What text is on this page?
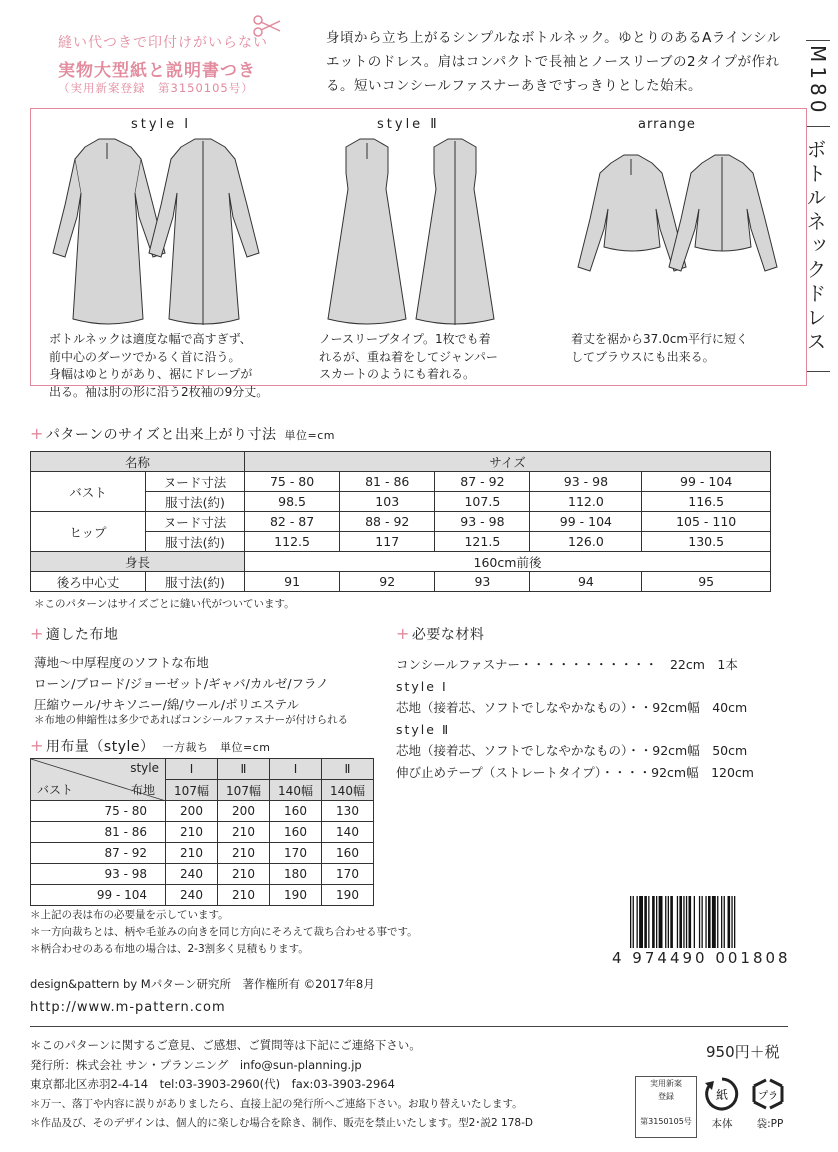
縫い代つきで印付けがいらない
実物大型紙と説明書つき
（実用新案登録　第3150105号）
身頃から立ち上がるシンプルなボトルネック。ゆとりのあるAラインシルエットのドレス。肩はコンパクトで長袖とノースリーブの2タイプが作れる。短いコンシールファスナーあきですっきりとした始末。	M180
ボトルネックドレス
style Ⅰ	style Ⅱ	arrange
ボトルネックは適度な幅で高すぎず、
前中心のダーツでかるく首に沿う。
身幅はゆとりがあり、裾にドレープが
出る。袖は肘の形に沿う2枚袖の9分丈。
ノースリーブタイプ。1枚でも着
れるが、重ね着をしてジャンパー
スカートのようにも着れる。
着丈を裾から37.0cm平行に短く
してブラウスにも出来る。
+ パターンのサイズと出来上がり寸法 単位=cm
名称		サイズ				
バスト	ヌード寸法	75 - 80	81 - 86	87 - 92	93 - 98	99 - 104
	服寸法(約)	98.5	103	107.5	112.0	116.5
ヒップ	ヌード寸法	82 - 87	88 - 92	93 - 98	99 - 104	105 - 110
	服寸法(約)	112.5	117	121.5	126.0	130.5
身長		160cm前後				
後ろ中心丈	服寸法(約)	91	92	93	94	95
＊このパターンはサイズごとに縫い代がついています。
+ 適した布地
薄地～中厚程度のソフトな布地
ローン/ブロード/ジョーゼット/ギャバ/カルゼ/フラノ
圧縮ウール/サキソニー/綿/ウール/ポリエステル
＊布地の伸縮性は多少であればコンシールファスナーが付けられる
+ 用布量（style） 一方裁ち　単位=cm
style
バスト 布地	Ⅰ	Ⅱ	Ⅰ	Ⅱ
	107幅	107幅	140幅	140幅
75 - 80	200	200	160	130
81 - 86	210	210	160	140
87 - 92	210	210	170	160
93 - 98	240	210	180	170
99 - 104	240	210	190	190
＊上記の表は布の必要量を示しています。
＊一方向裁ちとは、柄や毛並みの向きを同じ方向にそろえて裁ち合わせる事です。
＊柄合わせのある布地の場合は、2-3割多く見積もります。
+ 必要な材料
コンシールファスナー・・・・・・・・・・・　22cm　1本
style Ⅰ
芯地（接着芯、ソフトでしなやかなもの）・・92cm幅　40cm
style Ⅱ
芯地（接着芯、ソフトでしなやかなもの）・・92cm幅　50cm
伸び止めテープ（ストレートタイプ）・・・・92cm幅　120cm
4 974490 001808
design&pattern by Mパターン研究所　著作権所有 ©2017年8月
http://www.m-pattern.com
＊このパターンに関するご意見、ご感想、ご質問等は下記にご連絡下さい。
発行所：株式会社 サン・プランニング　info@sun-planning.jp
東京都北区赤羽2-4-14　tel:03-3903-2960(代)　fax:03-3903-2964
＊万一、落丁や内容に誤りがありましたら、直接上記の発行所へご連絡下さい。お取り替えいたします。
＊作品及び、そのデザインは、個人的に楽しむ場合を除き、制作、販売を禁止いたします。型2･説2 178-D
950円＋税
実用新案
登録
第3150105号
紙
本体
プラ
袋:PP
